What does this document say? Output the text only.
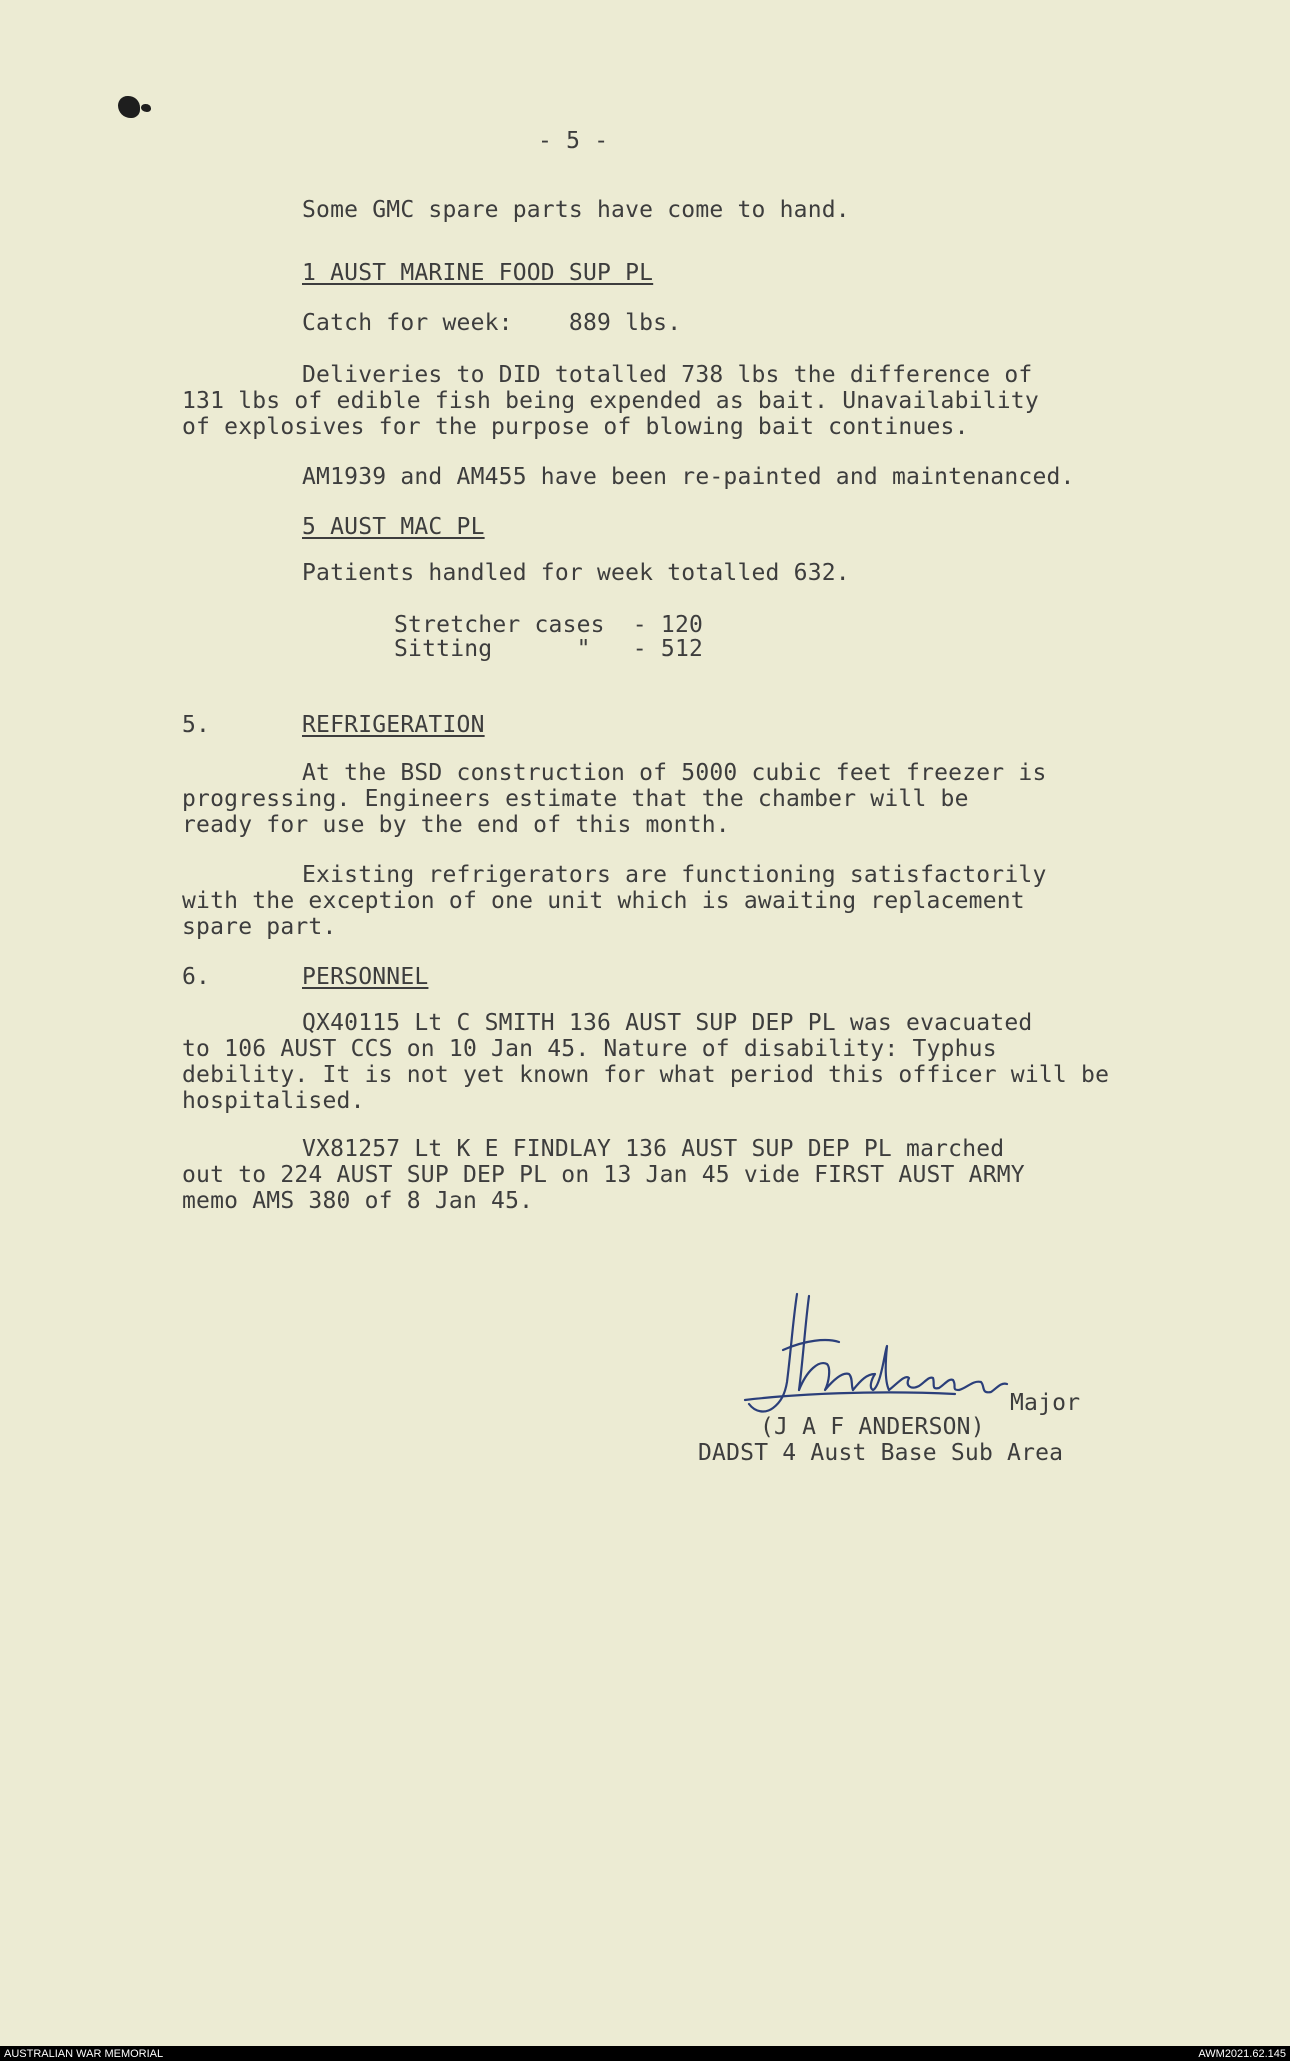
- 5 -
Some GMC spare parts have come to hand.
1 AUST MARINE FOOD SUP PL
Catch for week:    889 lbs.
Deliveries to DID totalled 738 lbs the difference of
131 lbs of edible fish being expended as bait. Unavailability
of explosives for the purpose of blowing bait continues.
AM1939 and AM455 have been re-painted and maintenanced.
5 AUST MAC PL
Patients handled for week totalled 632.
Stretcher cases  - 120
Sitting      "   - 512
5.	REFRIGERATION
At the BSD construction of 5000 cubic feet freezer is
progressing. Engineers estimate that the chamber will be
ready for use by the end of this month.
Existing refrigerators are functioning satisfactorily
with the exception of one unit which is awaiting replacement
spare part.
6.	PERSONNEL
QX40115 Lt C SMITH 136 AUST SUP DEP PL was evacuated
to 106 AUST CCS on 10 Jan 45. Nature of disability: Typhus
debility. It is not yet known for what period this officer will be
hospitalised.
VX81257 Lt K E FINDLAY 136 AUST SUP DEP PL marched
out to 224 AUST SUP DEP PL on 13 Jan 45 vide FIRST AUST ARMY
memo AMS 380 of 8 Jan 45.
Major
(J A F ANDERSON)
DADST 4 Aust Base Sub Area
AUSTRALIAN WAR MEMORIAL	AWM2021.62.145
